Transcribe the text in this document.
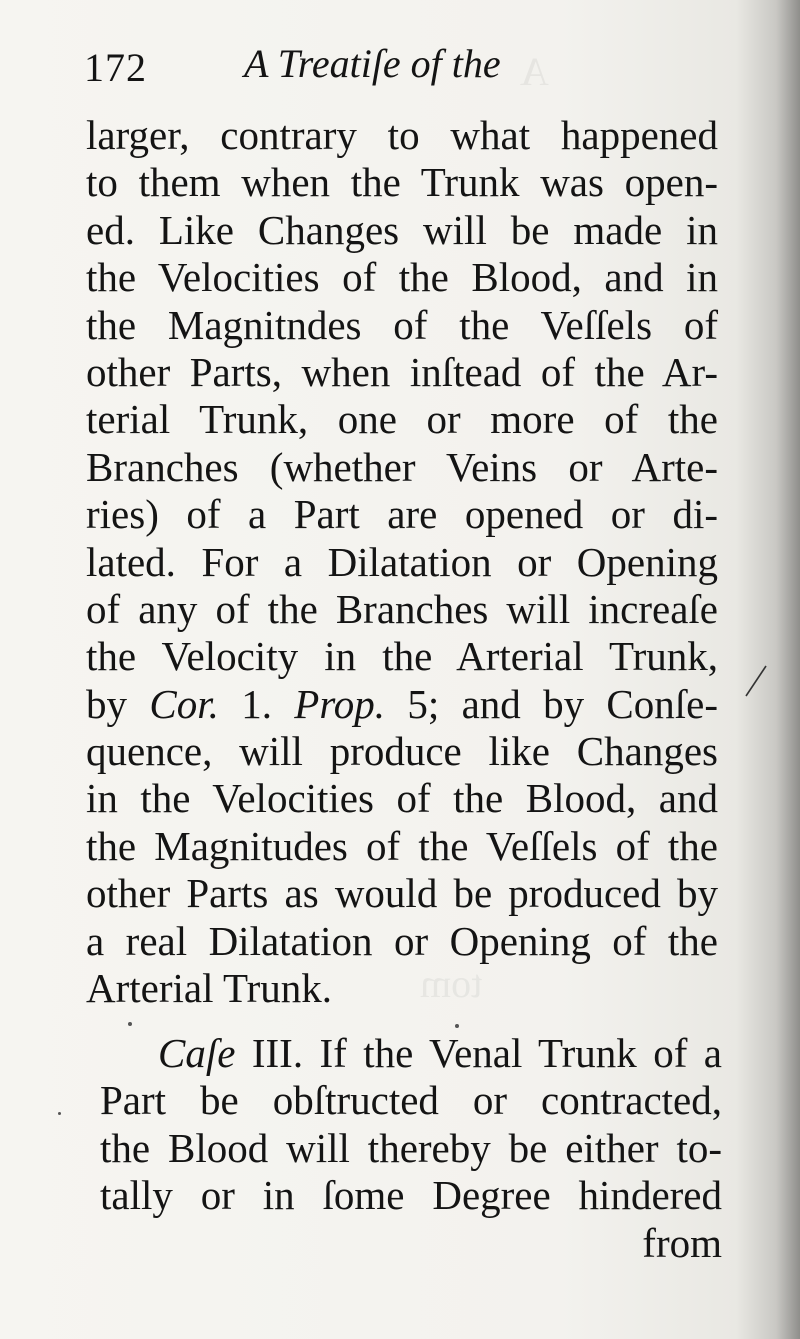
A
tom
172 A Treatiſe of the
larger, contrary to what happened
to them when the Trunk was open-
ed. Like Changes will be made in
the Velocities of the Blood, and in
the Magnitndes of the Veſſels of
other Parts, when inſtead of the Ar-
terial Trunk, one or more of the
Branches (whether Veins or Arte-
ries) of a Part are opened or di-
lated. For a Dilatation or Opening
of any of the Branches will increaſe
the Velocity in the Arterial Trunk,
by Cor. 1. Prop. 5; and by Conſe-
quence, will produce like Changes
in the Velocities of the Blood, and
the Magnitudes of the Veſſels of the
other Parts as would be produced by
a real Dilatation or Opening of the
Arterial Trunk.
Caſe III. If the Venal Trunk of a
Part be obſtructed or contracted,
the Blood will thereby be either to-
tally or in ſome Degree hindered
from
